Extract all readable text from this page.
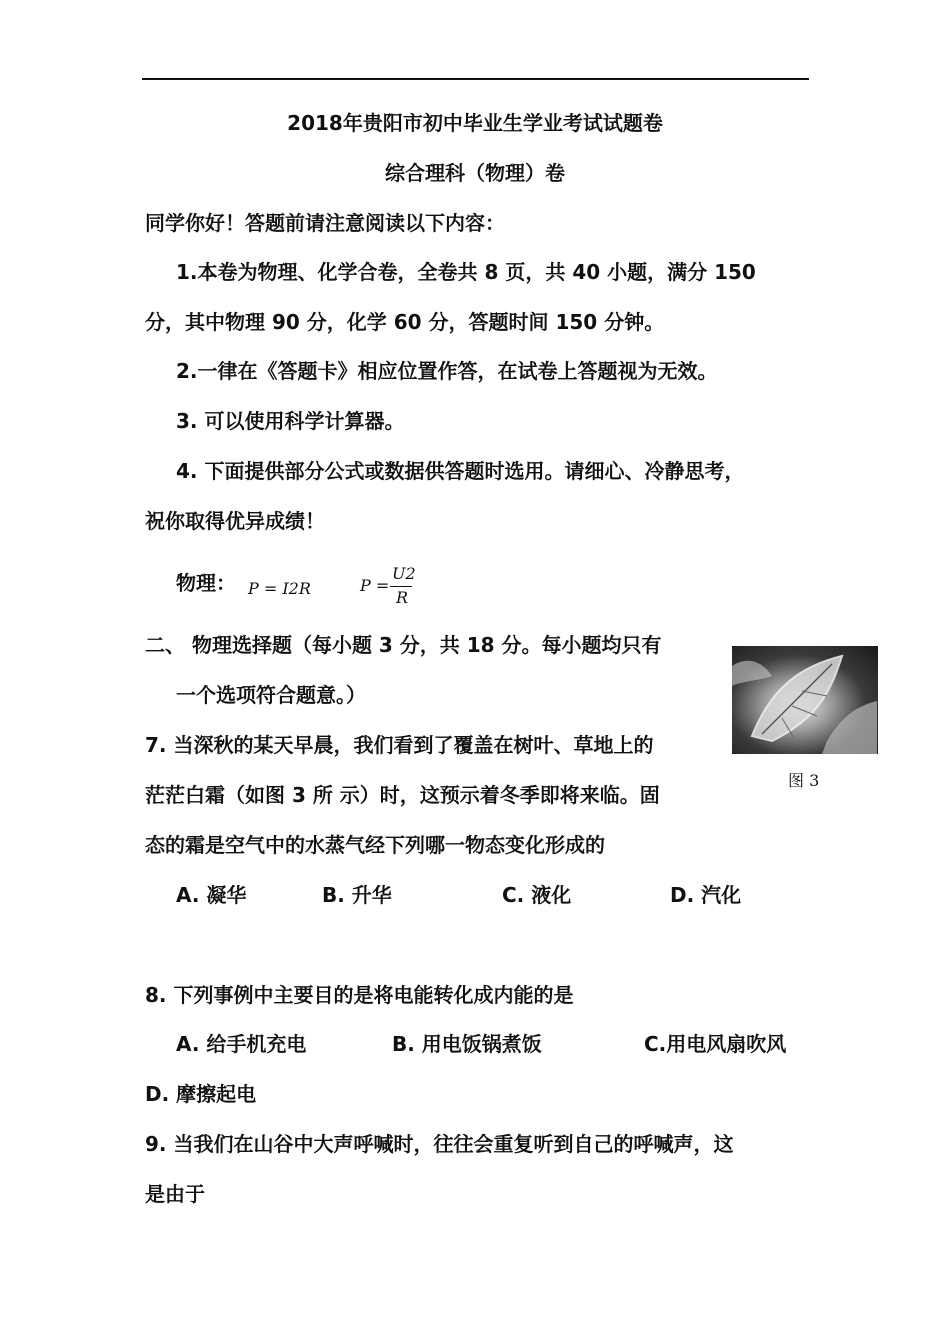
2018年贵阳市初中毕业生学业考试试题卷
综合理科（物理）卷
同学你好！答题前请注意阅读以下内容：
1.本卷为物理、化学合卷，全卷共 8 页，共 40 小题，满分 150
分，其中物理 90 分，化学 60 分，答题时间 150 分钟。
2.一律在《答题卡》相应位置作答，在试卷上答题视为无效。
3. 可以使用科学计算器。
4. 下面提供部分公式或数据供答题时选用。请细心、冷静思考，
祝你取得优异成绩！
物理： P = I2R	P =
U2
R
二、 物理选择题（每小题 3 分，共 18 分。每小题均只有
一个选项符合题意。）
图 3
7. 当深秋的某天早晨，我们看到了覆盖在树叶、草地上的
茫茫白霜（如图 3 所 示）时，这预示着冬季即将来临。固
态的霜是空气中的水蒸气经下列哪一物态变化形成的
A. 凝华	B. 升华	C. 液化	D. 汽化
8. 下列事例中主要目的是将电能转化成内能的是
A. 给手机充电	B. 用电饭锅煮饭	C.用电风扇吹风
D. 摩擦起电
9. 当我们在山谷中大声呼喊时，往往会重复听到自己的呼喊声，这
是由于
